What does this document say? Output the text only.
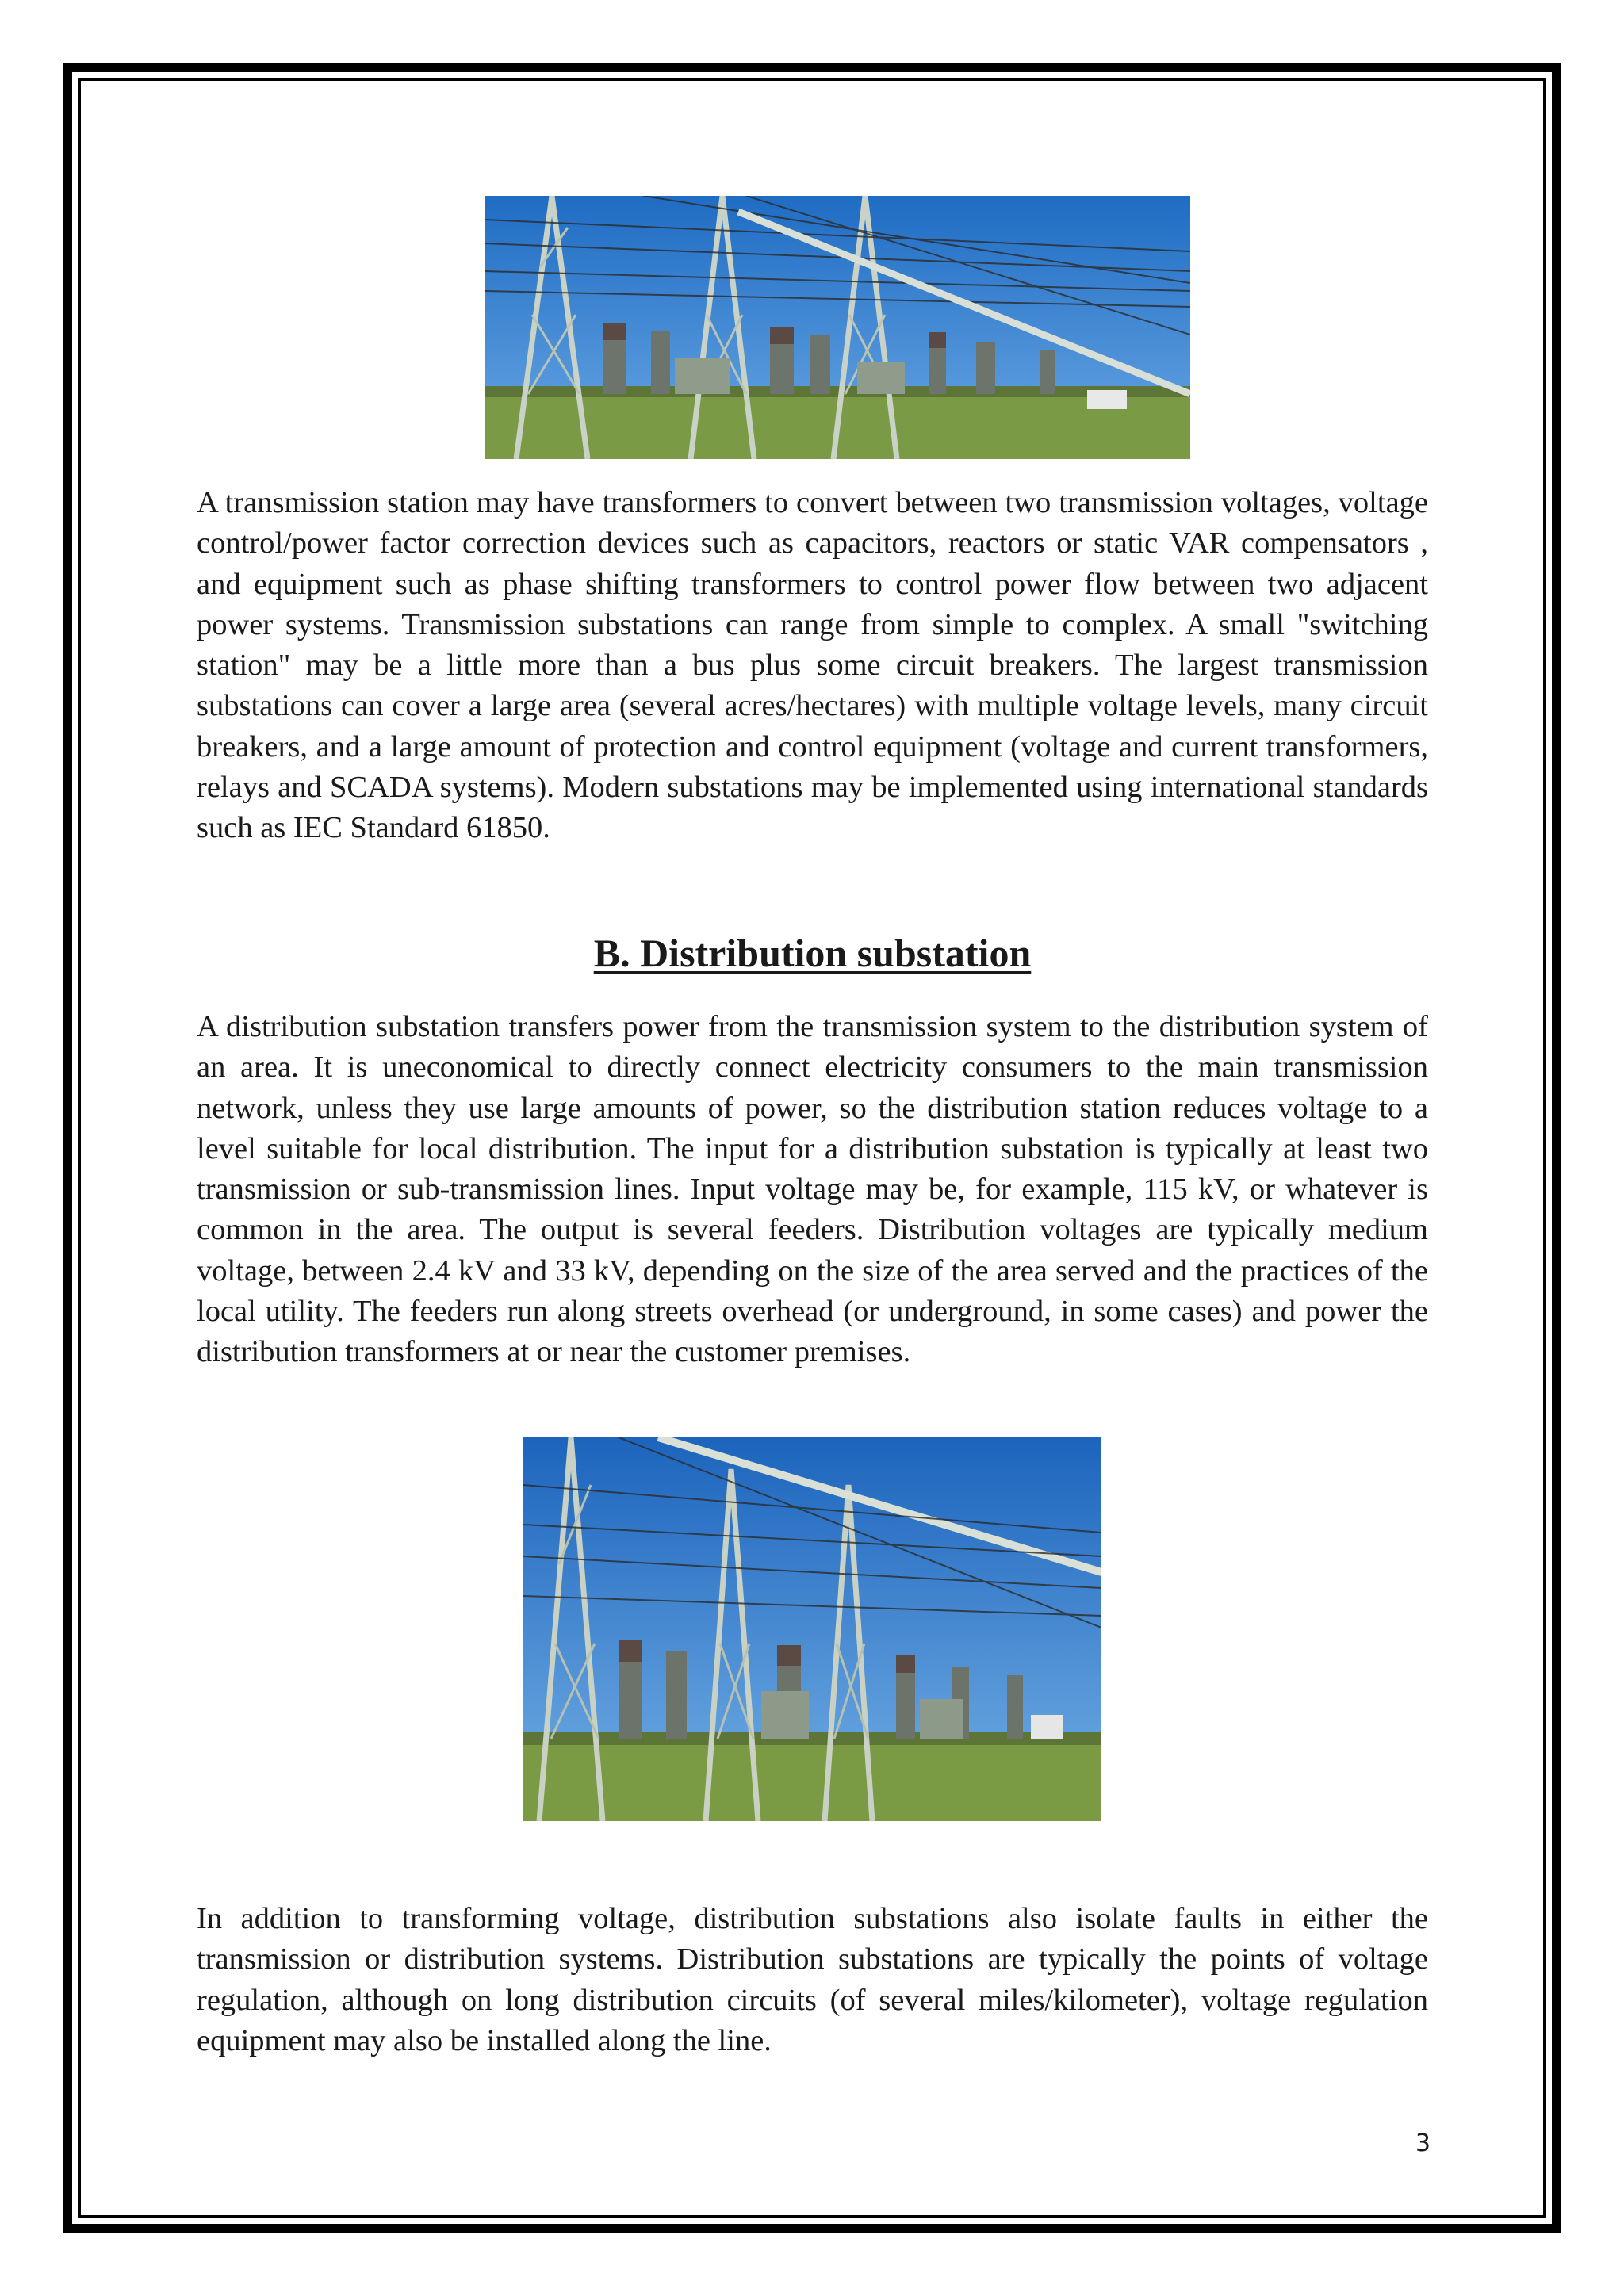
A transmission station may have transformers to convert between two transmission voltages, voltage control/power factor correction devices such as capacitors, reactors or static VAR compensators , and equipment such as phase shifting transformers to control power flow between two adjacent power systems. Transmission substations can range from simple to complex. A small "switching station" may be a little more than a bus plus some circuit breakers. The largest transmission substations can cover a large area (several acres/hectares) with multiple voltage levels, many circuit breakers, and a large amount of protection and control equipment (voltage and current transformers, relays and SCADA systems). Modern substations may be implemented using international standards such as IEC Standard 61850.

B. Distribution substation

A distribution substation transfers power from the transmission system to the distribution system of an area. It is uneconomical to directly connect electricity consumers to the main transmission network, unless they use large amounts of power, so the distribution station reduces voltage to a level suitable for local distribution. The input for a distribution substation is typically at least two transmission or sub-transmission lines. Input voltage may be, for example, 115 kV, or whatever is common in the area. The output is several feeders. Distribution voltages are typically medium voltage, between 2.4 kV and 33 kV, depending on the size of the area served and the practices of the local utility. The feeders run along streets overhead (or underground, in some cases) and power the distribution transformers at or near the customer premises.

In addition to transforming voltage, distribution substations also isolate faults in either the transmission or distribution systems. Distribution substations are typically the points of voltage regulation, although on long distribution circuits (of several miles/kilometer), voltage regulation equipment may also be installed along the line.

3
